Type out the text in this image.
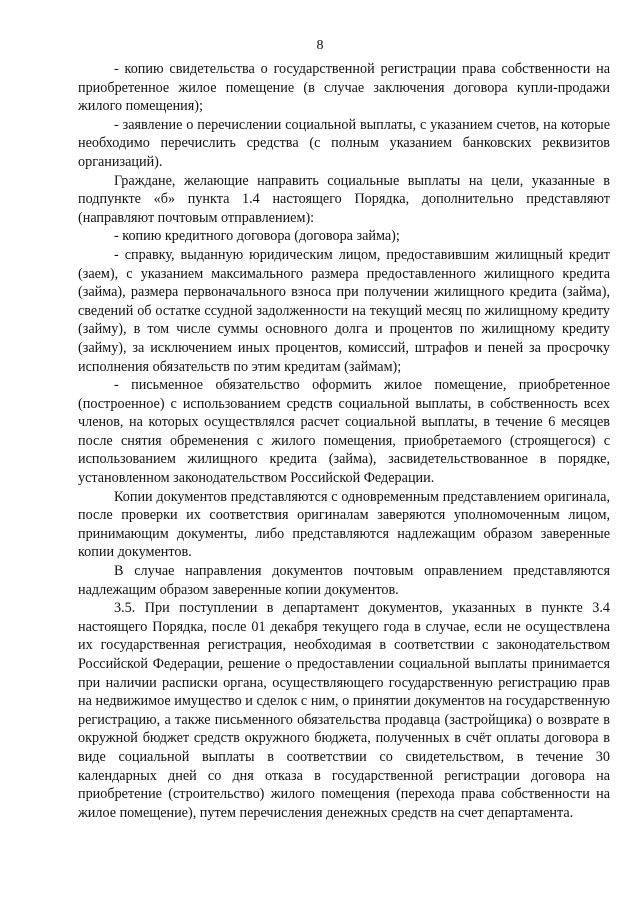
8

- копию свидетельства о государственной регистрации права собственности на приобретенное жилое помещение (в случае заключения договора купли-продажи жилого помещения);

- заявление о перечислении социальной выплаты, с указанием счетов, на которые необходимо перечислить средства (с полным указанием банковских реквизитов организаций).

Граждане, желающие направить социальные выплаты на цели, указанные в подпункте «б» пункта 1.4 настоящего Порядка, дополнительно представляют (направляют почтовым отправлением):

- копию кредитного договора (договора займа);

- справку, выданную юридическим лицом, предоставившим жилищный кредит (заем), с указанием максимального размера предоставленного жилищного кредита (займа), размера первоначального взноса при получении жилищного кредита (займа), сведений об остатке ссудной задолженности на текущий месяц по жилищному кредиту (займу), в том числе суммы основного долга и процентов по жилищному кредиту (займу), за исключением иных процентов, комиссий, штрафов и пеней за просрочку исполнения обязательств по этим кредитам (займам);

- письменное обязательство оформить жилое помещение, приобретенное (построенное) с использованием средств социальной выплаты, в собственность всех членов, на которых осуществлялся расчет социальной выплаты, в течение 6 месяцев после снятия обременения с жилого помещения, приобретаемого (строящегося) с использованием жилищного кредита (займа), засвидетельствованное в порядке, установленном законодательством Российской Федерации.

Копии документов представляются с одновременным представлением оригинала, после проверки их соответствия оригиналам заверяются уполномоченным лицом, принимающим документы, либо представляются надлежащим образом заверенные копии документов.

В случае направления документов почтовым оправлением представляются надлежащим образом заверенные копии документов.

3.5. При поступлении в департамент документов, указанных в пункте 3.4 настоящего Порядка, после 01 декабря текущего года в случае, если не осуществлена их государственная регистрация, необходимая в соответствии с законодательством Российской Федерации, решение о предоставлении социальной выплаты принимается при наличии расписки органа, осуществляющего государственную регистрацию прав на недвижимое имущество и сделок с ним, о принятии документов на государственную регистрацию, а также письменного обязательства продавца (застройщика) о возврате в окружной бюджет средств окружного бюджета, полученных в счёт оплаты договора в виде социальной выплаты в соответствии со свидетельством, в течение 30 календарных дней со дня отказа в государственной регистрации договора на приобретение (строительство) жилого помещения (перехода права собственности на жилое помещение), путем перечисления денежных средств на счет департамента.
